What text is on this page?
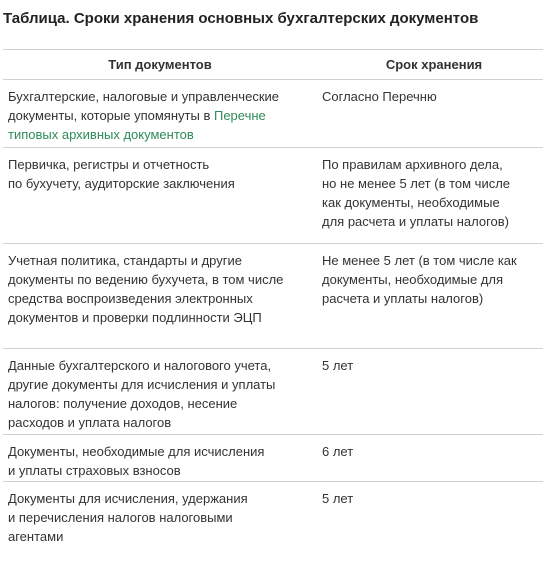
Таблица. Сроки хранения основных бухгалтерских документов
Тип документов	Срок хранения
Бухгалтерские, налоговые и управленческие
документы, которые упомянуты в Перечне
типовых архивных документов
Согласно Перечню
Первичка, регистры и отчетность
по бухучету, аудиторские заключения
По правилам архивного дела,
но не менее 5 лет (в том числе
как документы, необходимые
для расчета и уплаты налогов)
Учетная политика, стандарты и другие
документы по ведению бухучета, в том числе
средства воспроизведения электронных
документов и проверки подлинности ЭЦП
Не менее 5 лет (в том числе как
документы, необходимые для
расчета и уплаты налогов)
Данные бухгалтерского и налогового учета,
другие документы для исчисления и уплаты
налогов: получение доходов, несение
расходов и уплата налогов
5 лет
Документы, необходимые для исчисления
и уплаты страховых взносов
6 лет
Документы для исчисления, удержания
и перечисления налогов налоговыми
агентами
5 лет
